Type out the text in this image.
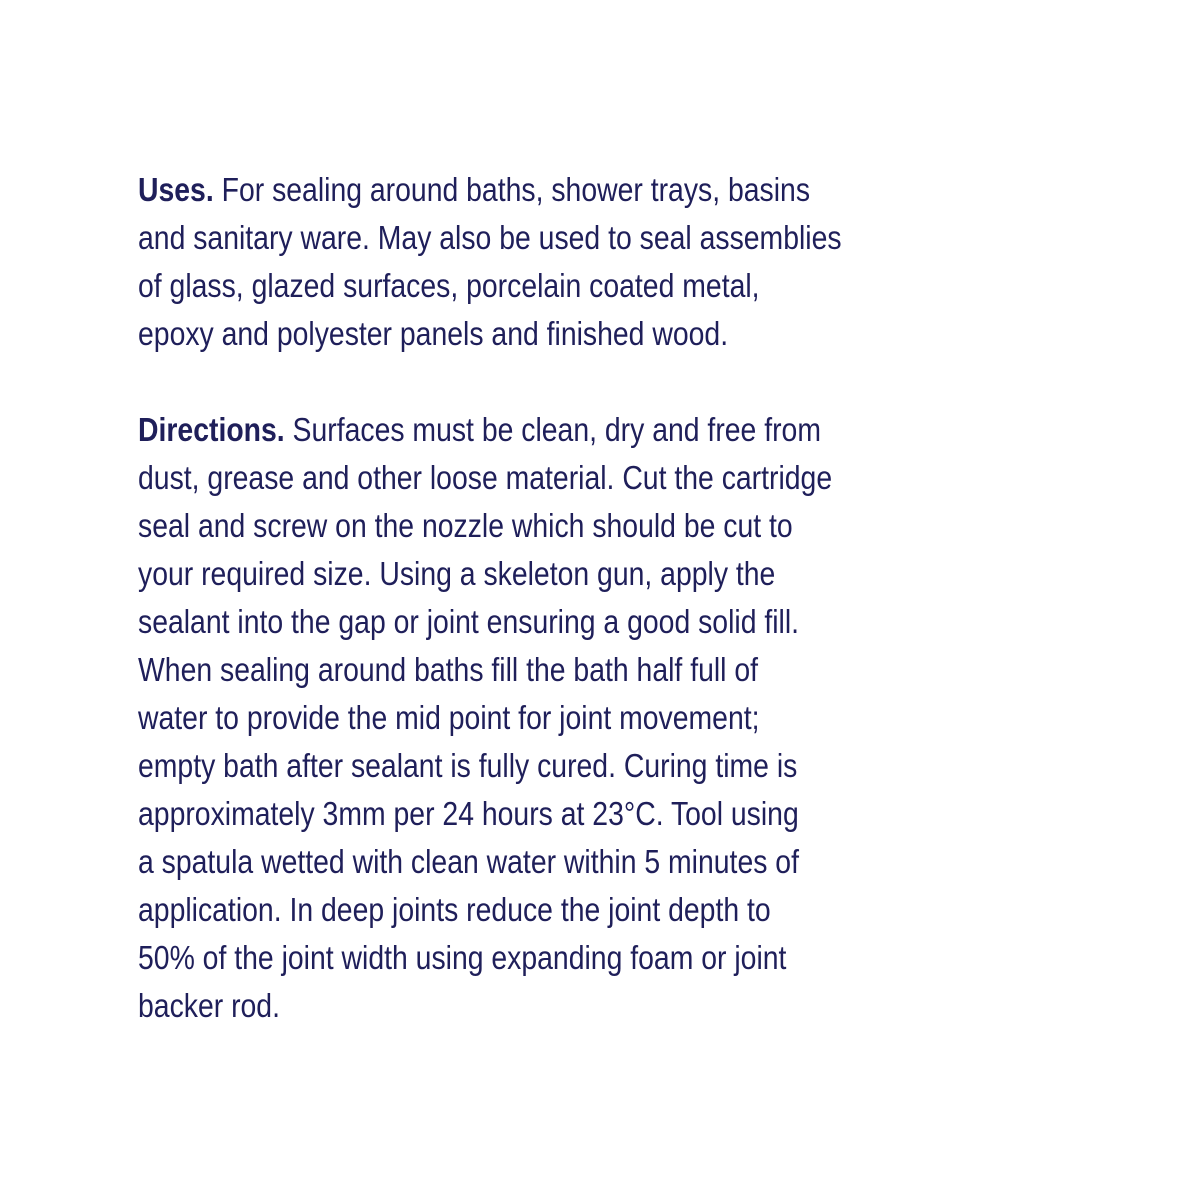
Uses. For sealing around baths, shower trays, basins
and sanitary ware. May also be used to seal assemblies
of glass, glazed surfaces, porcelain coated metal,
epoxy and polyester panels and finished wood.

Directions. Surfaces must be clean, dry and free from
dust, grease and other loose material. Cut the cartridge
seal and screw on the nozzle which should be cut to
your required size. Using a skeleton gun, apply the
sealant into the gap or joint ensuring a good solid fill.
When sealing around baths fill the bath half full of
water to provide the mid point for joint movement;
empty bath after sealant is fully cured. Curing time is
approximately 3mm per 24 hours at 23°C. Tool using
a spatula wetted with clean water within 5 minutes of
application. In deep joints reduce the joint depth to
50% of the joint width using expanding foam or joint
backer rod.
